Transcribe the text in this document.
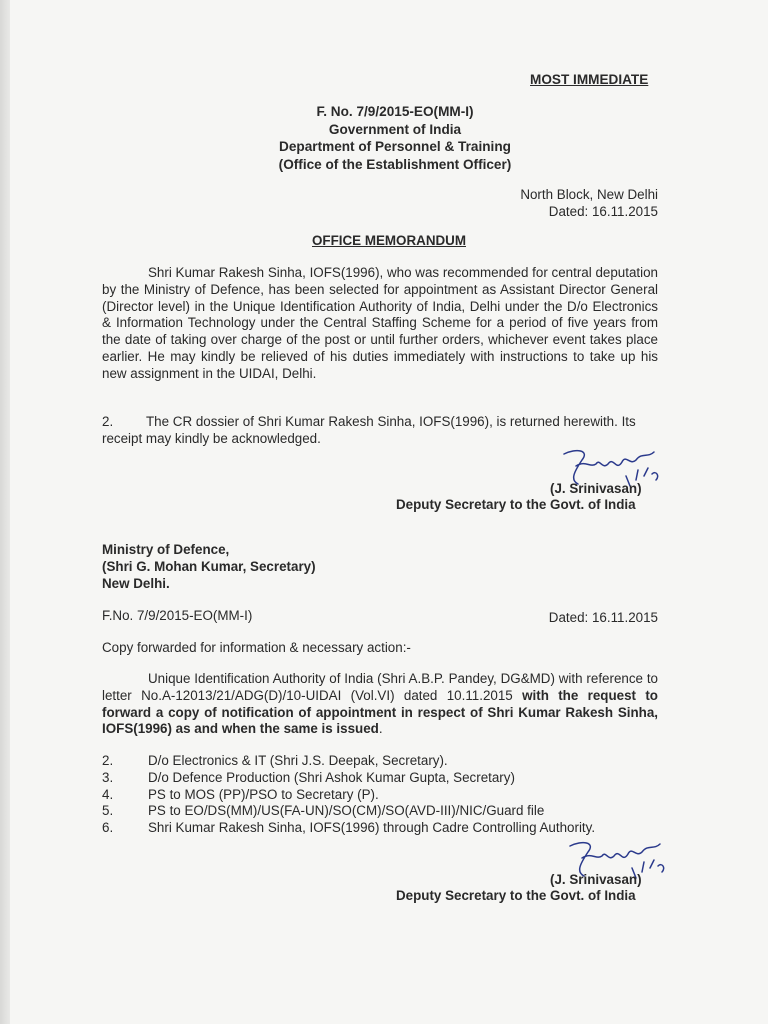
MOST IMMEDIATE

F. No. 7/9/2015-EO(MM-I)
Government of India
Department of Personnel & Training
(Office of the Establishment Officer)
North Block, New Delhi
Dated: 16.11.2015

OFFICE MEMORANDUM

Shri Kumar Rakesh Sinha, IOFS(1996), who was recommended for central deputation by the Ministry of Defence, has been selected for appointment as Assistant Director General (Director level) in the Unique Identification Authority of India, Delhi under the D/o Electronics & Information Technology under the Central Staffing Scheme for a period of five years from the date of taking over charge of the post or until further orders, whichever event takes place earlier. He may kindly be relieved of his duties immediately with instructions to take up his new assignment in the UIDAI, Delhi.

2. The CR dossier of Shri Kumar Rakesh Sinha, IOFS(1996), is returned herewith. Its receipt may kindly be acknowledged.

(J. Srinivasan)

Deputy Secretary to the Govt. of India

Ministry of Defence,
(Shri G. Mohan Kumar, Secretary)
New Delhi.

F.No. 7/9/2015-EO(MM-I)	Dated: 16.11.2015

Copy forwarded for information & necessary action:-

Unique Identification Authority of India (Shri A.B.P. Pandey, DG&MD) with reference to letter No.A-12013/21/ADG(D)/10-UIDAI (Vol.VI) dated 10.11.2015 with the request to forward a copy of notification of appointment in respect of Shri Kumar Rakesh Sinha, IOFS(1996) as and when the same is issued.

2.	D/o Electronics & IT (Shri J.S. Deepak, Secretary).
3.	D/o Defence Production (Shri Ashok Kumar Gupta, Secretary)
4.	PS to MOS (PP)/PSO to Secretary (P).
5.	PS to EO/DS(MM)/US(FA-UN)/SO(CM)/SO(AVD-III)/NIC/Guard file
6.	Shri Kumar Rakesh Sinha, IOFS(1996) through Cadre Controlling Authority.

(J. Srinivasan)

Deputy Secretary to the Govt. of India
